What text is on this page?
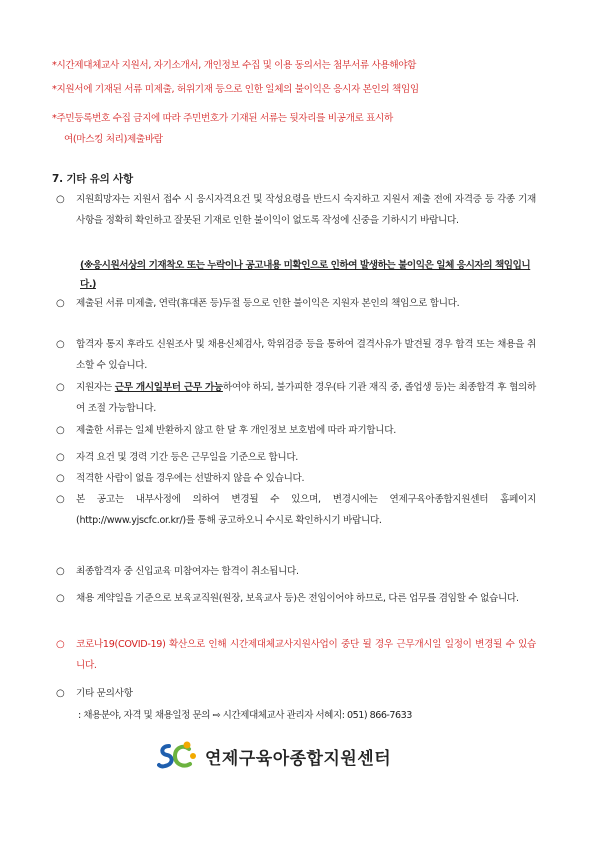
*시간제대체교사 지원서, 자기소개서, 개인정보 수집 및 이용 동의서는 첨부서류 사용해야함
*지원서에 기재된 서류 미제출, 허위기재 등으로 인한 일체의 불이익은 응시자 본인의 책임임
*주민등록번호 수집 금지에 따라 주민번호가 기재된 서류는 뒷자리를 비공개로 표시하
여(마스킹 처리)제출바람
7. 기타 유의 사항
○ 지원희망자는 지원서 접수 시 응시자격요건 및 작성요령을 반드시 숙지하고 지원서 제출 전에 자격증 등 각종 기재사항을 정확히 확인하고 잘못된 기재로 인한 불이익이 없도록 작성에 신중을 기하시기 바랍니다.
(※응시원서상의 기재착오 또는 누락이나 공고내용 미확인으로 인하여 발생하는 불이익은 일체 응시자의 책임입니다.)
○ 제출된 서류 미제출, 연락(휴대폰 등)두절 등으로 인한 불이익은 지원자 본인의 책임으로 합니다.
○ 합격자 통지 후라도 신원조사 및 채용신체검사, 학위검증 등을 통하여 결격사유가 발견될 경우 합격 또는 채용을 취소할 수 있습니다.
○ 지원자는 근무 개시일부터 근무 가능하여야 하되, 불가피한 경우(타 기관 재직 중, 졸업생 등)는 최종합격 후 협의하여 조절 가능합니다.
○ 제출한 서류는 일체 반환하지 않고 한 달 후 개인정보 보호법에 따라 파기합니다.
○ 자격 요건 및 경력 기간 등은 근무일을 기준으로 합니다.
○ 적격한 사람이 없을 경우에는 선발하지 않을 수 있습니다.
○ 본 공고는 내부사정에 의하여 변경될 수 있으며, 변경시에는 연제구육아종합지원센터 홈페이지(http://www.yjscfc.or.kr/)를 통해 공고하오니 수시로 확인하시기 바랍니다.
○ 최종합격자 중 신입교육 미참여자는 합격이 취소됩니다.
○ 채용 계약일을 기준으로 보육교직원(원장, 보육교사 등)은 전임이어야 하므로, 다른 업무를 겸임할 수 없습니다.
○ 코로나19(COVID-19) 확산으로 인해 시간제대체교사지원사업이 중단 될 경우 근무개시일 일정이 변경될 수 있습니다.
○ 기타 문의사항
: 채용분야, 자격 및 채용일정 문의 ⇨ 시간제대체교사 관리자 서혜지: 051) 866-7633
연제구육아종합지원센터
